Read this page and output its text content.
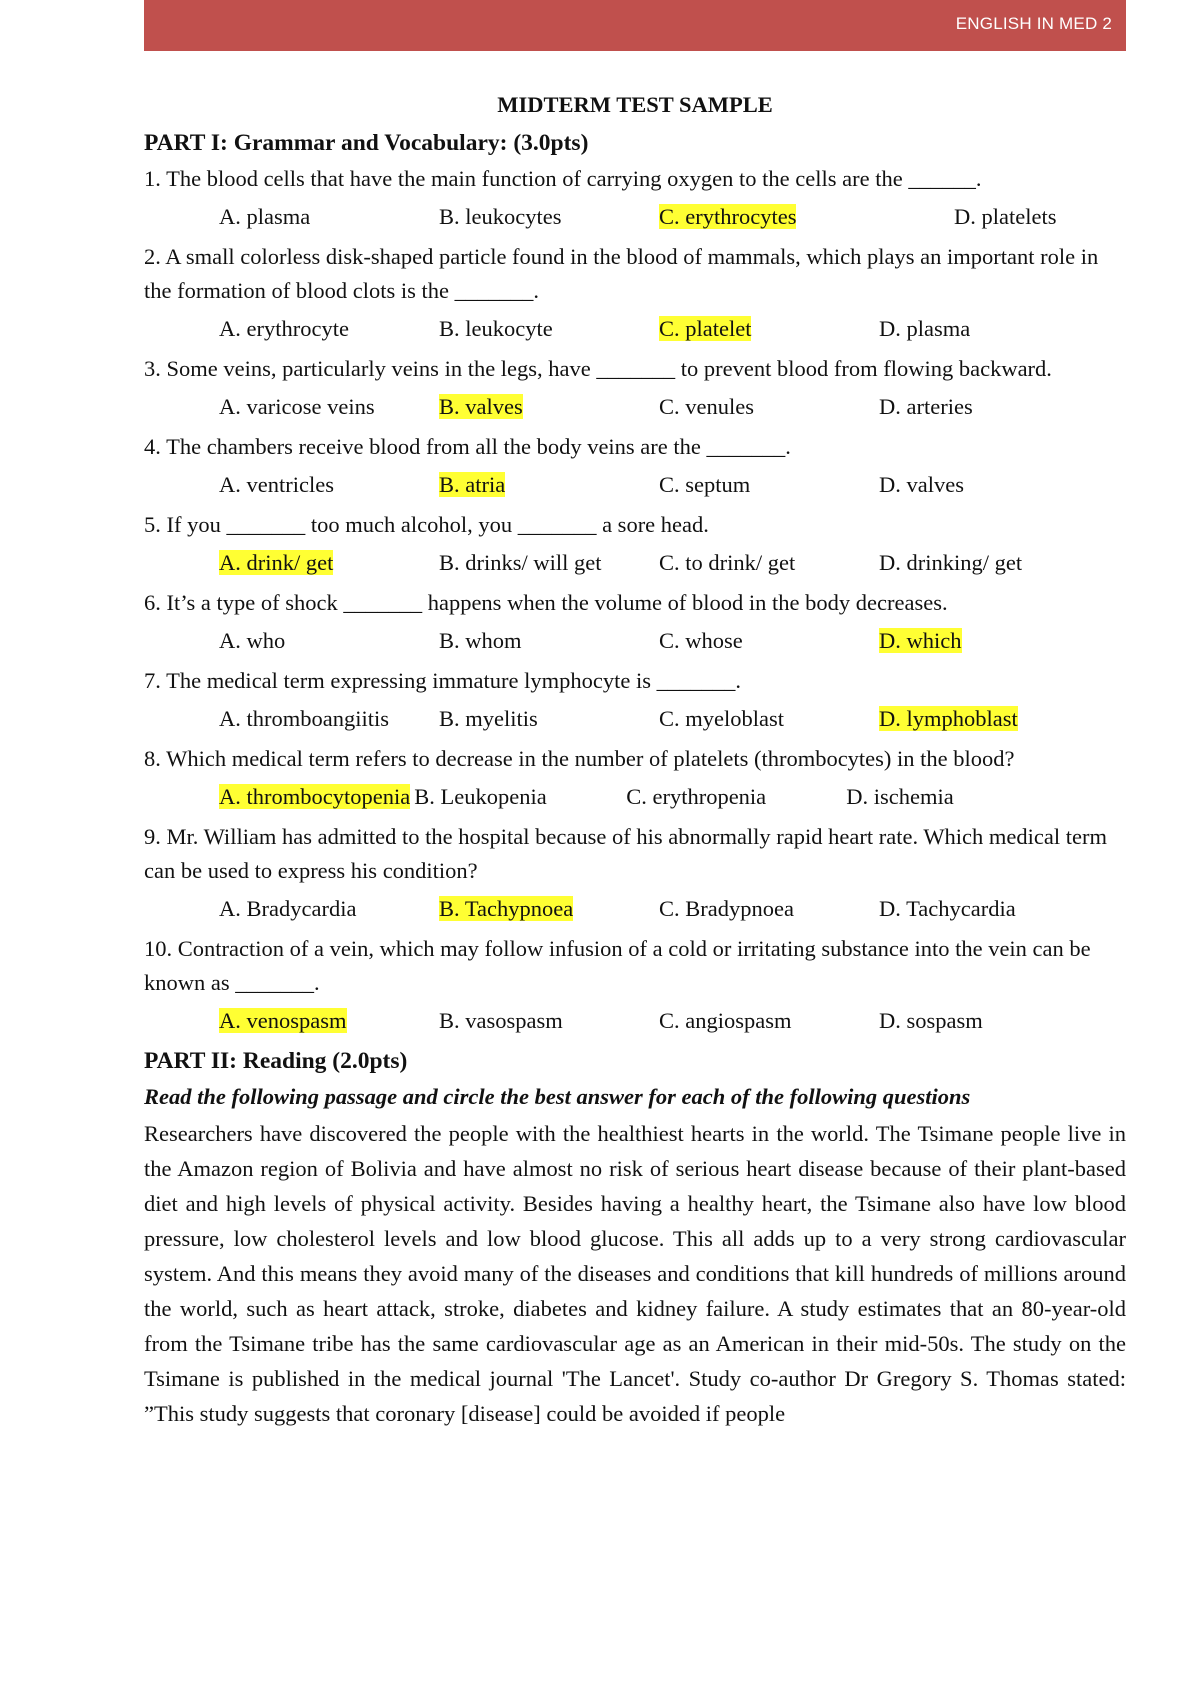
ENGLISH IN MED 2

MIDTERM TEST SAMPLE

PART I: Grammar and Vocabulary: (3.0pts)

1. The blood cells that have the main function of carrying oxygen to the cells are the ______.

A. plasma	B. leukocytes	C. erythrocytes	D. platelets

2. A small colorless disk-shaped particle found in the blood of mammals, which plays an important role in the formation of blood clots is the _______.

A. erythrocyte	B. leukocyte	C. platelet	D. plasma

3. Some veins, particularly veins in the legs, have _______ to prevent blood from flowing backward.

A. varicose veins	B. valves	C. venules	D. arteries

4. The chambers receive blood from all the body veins are the _______.

A. ventricles	B. atria	C. septum	D. valves

5. If you _______ too much alcohol, you _______ a sore head.

A. drink/ get	B. drinks/ will get	C. to drink/ get	D. drinking/ get

6. It’s a type of shock _______ happens when the volume of blood in the body decreases.

A. who	B. whom	C. whose	D. which

7. The medical term expressing immature lymphocyte is _______.

A. thromboangiitis	B. myelitis	C. myeloblast	D. lymphoblast

8. Which medical term refers to decrease in the number of platelets (thrombocytes) in the blood?

A. thrombocytopenia B. Leukopenia	C. erythropenia	D. ischemia

9. Mr. William has admitted to the hospital because of his abnormally rapid heart rate. Which medical term can be used to express his condition?

A. Bradycardia	B. Tachypnoea	C. Bradypnoea	D. Tachycardia

10. Contraction of a vein, which may follow infusion of a cold or irritating substance into the vein can be known as _______.

A. venospasm	B. vasospasm	C. angiospasm	D. sospasm

PART II: Reading (2.0pts)

Read the following passage and circle the best answer for each of the following questions

Researchers have discovered the people with the healthiest hearts in the world. The Tsimane people live in the Amazon region of Bolivia and have almost no risk of serious heart disease because of their plant-based diet and high levels of physical activity. Besides having a healthy heart, the Tsimane also have low blood pressure, low cholesterol levels and low blood glucose. This all adds up to a very strong cardiovascular system. And this means they avoid many of the diseases and conditions that kill hundreds of millions around the world, such as heart attack, stroke, diabetes and kidney failure. A study estimates that an 80-year-old from the Tsimane tribe has the same cardiovascular age as an American in their mid-50s. The study on the Tsimane is published in the medical journal 'The Lancet'. Study co-author Dr Gregory S. Thomas stated: ”This study suggests that coronary [disease] could be avoided if people
